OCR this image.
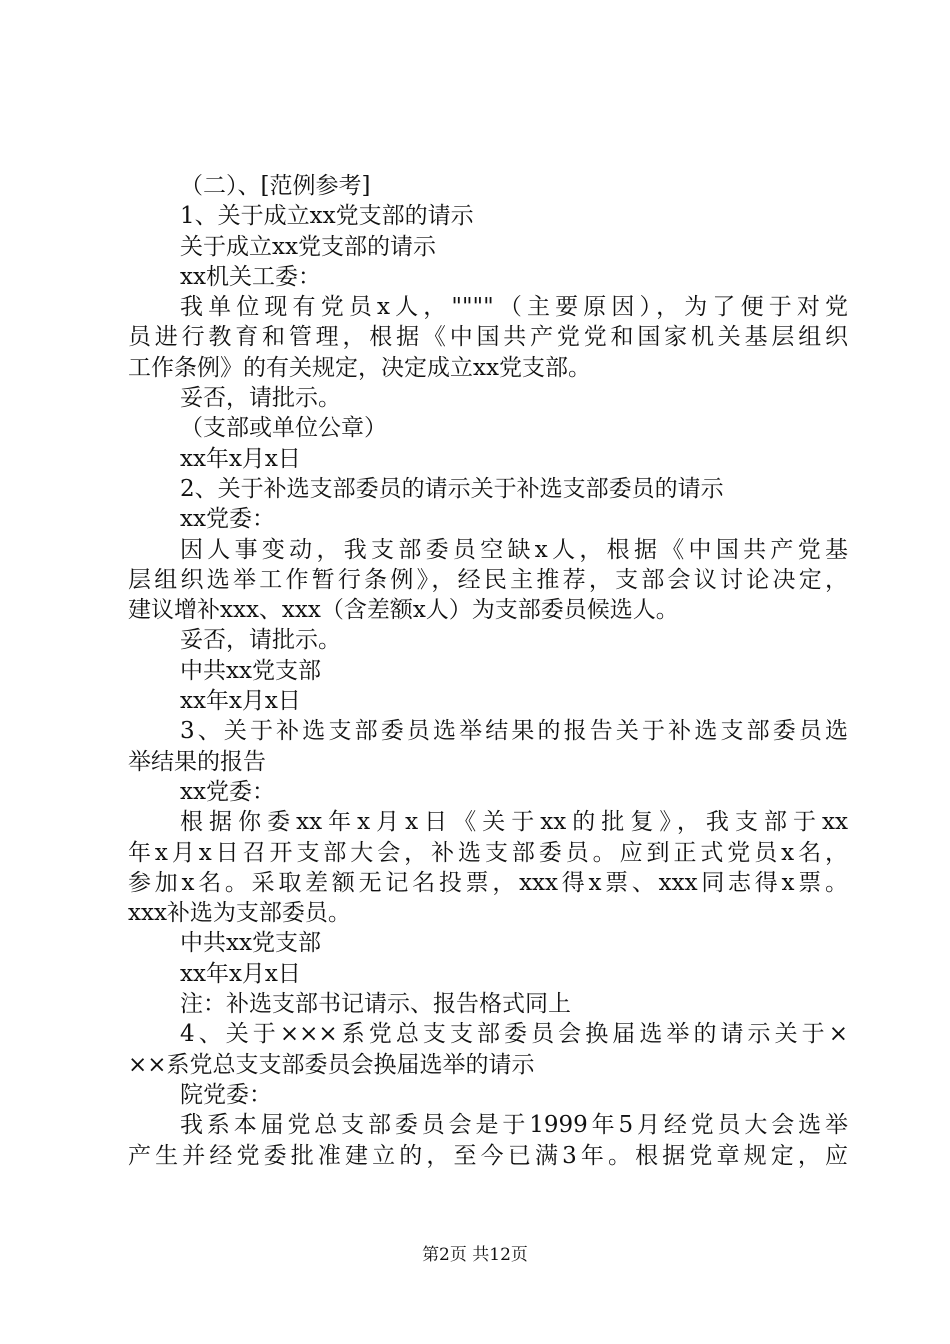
（二）、[范例参考]
1、关于成立xx党支部的请示
关于成立xx党支部的请示
xx机关工委：
我单位现有党员x人，""""（主要原因），为了便于对党
员进行教育和管理，根据《中国共产党党和国家机关基层组织
工作条例》的有关规定，决定成立xx党支部。
妥否，请批示。
（支部或单位公章）
xx年x月x日
2、关于补选支部委员的请示关于补选支部委员的请示
xx党委：
因人事变动，我支部委员空缺x人，根据《中国共产党基
层组织选举工作暂行条例》，经民主推荐，支部会议讨论决定，
建议增补xxx、xxx（含差额x人）为支部委员候选人。
妥否，请批示。
中共xx党支部
xx年x月x日
3、关于补选支部委员选举结果的报告关于补选支部委员选
举结果的报告
xx党委：
根据你委xx年x月x日《关于xx的批复》，我支部于xx
年x月x日召开支部大会，补选支部委员。应到正式党员x名，
参加x名。采取差额无记名投票，xxx得x票、xxx同志得x票。
xxx补选为支部委员。
中共xx党支部
xx年x月x日
注：补选支部书记请示、报告格式同上
4、关于×××系党总支支部委员会换届选举的请示关于×
××系党总支支部委员会换届选举的请示
院党委：
我系本届党总支部委员会是于1999年5月经党员大会选举
产生并经党委批准建立的，至今已满3年。根据党章规定，应
第2页 共12页
